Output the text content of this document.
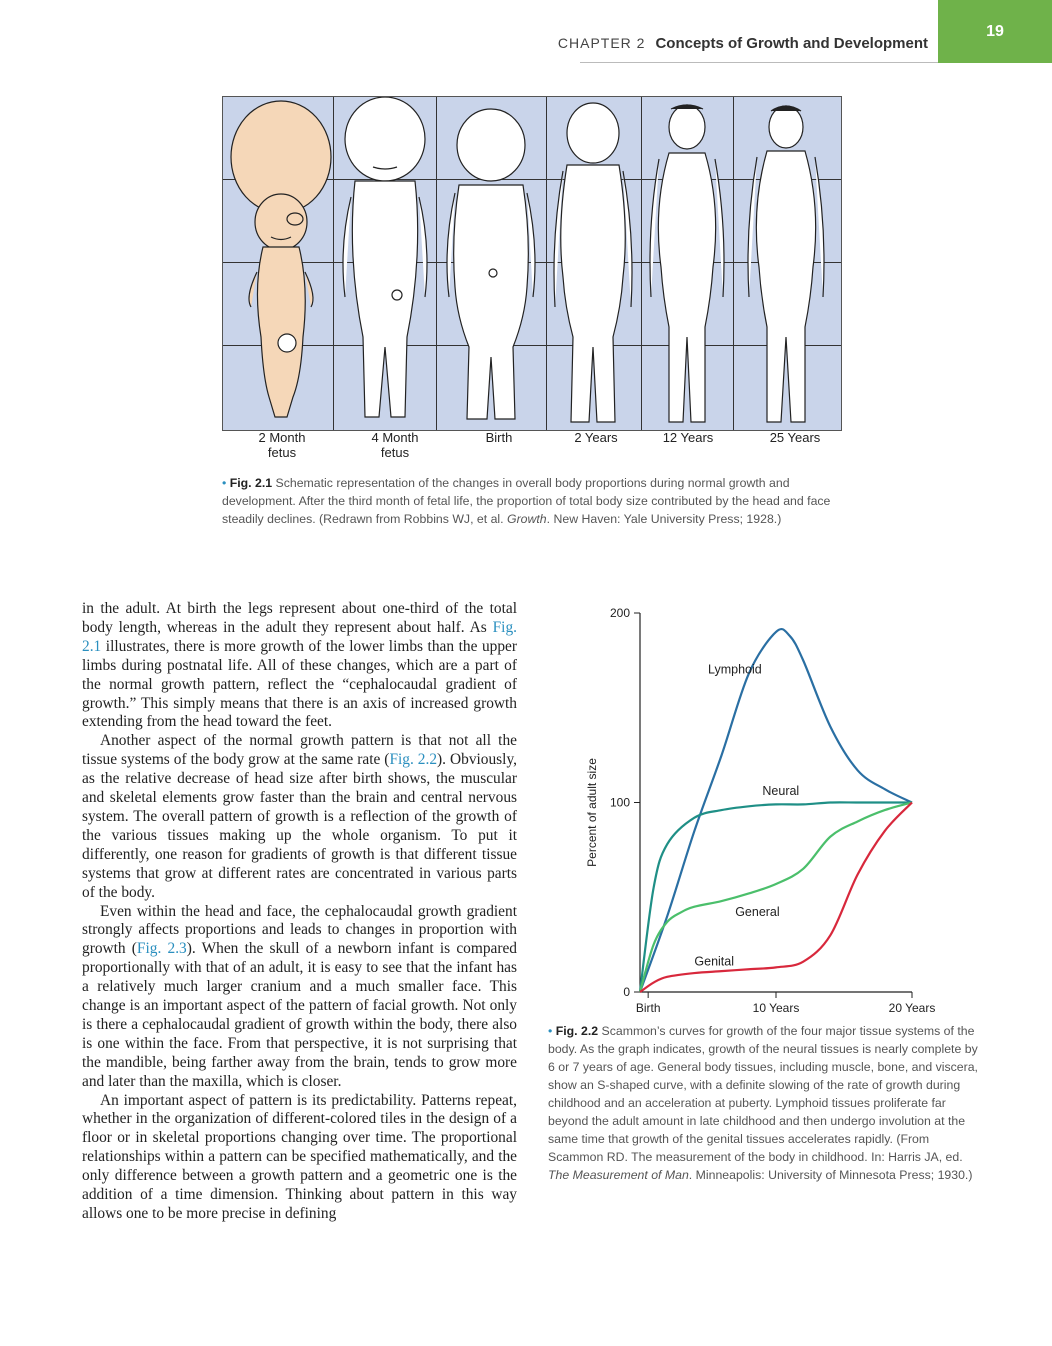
CHAPTER 2 Concepts of Growth and Development
19
2 Month
fetus
4 Month
fetus
Birth	2 Years	12 Years	25 Years
• Fig. 2.1 Schematic representation of the changes in overall body proportions during normal growth and development. After the third month of fetal life, the proportion of total body size contributed by the head and face steadily declines. (Redrawn from Robbins WJ, et al. Growth. New Haven: Yale University Press; 1928.)

in the adult. At birth the legs represent about one-third of the total body length, whereas in the adult they represent about half. As Fig. 2.1 illustrates, there is more growth of the lower limbs than the upper limbs during postnatal life. All of these changes, which are a part of the normal growth pattern, reflect the “cephalocaudal gradient of growth.” This simply means that there is an axis of increased growth extending from the head toward the feet.

Another aspect of the normal growth pattern is that not all the tissue systems of the body grow at the same rate (Fig. 2.2). Obviously, as the relative decrease of head size after birth shows, the muscular and skeletal elements grow faster than the brain and central nervous system. The overall pattern of growth is a reflection of the growth of the various tissues making up the whole organism. To put it differently, one reason for gradients of growth is that different tissue systems that grow at different rates are concentrated in various parts of the body.

Even within the head and face, the cephalocaudal growth gradient strongly affects proportions and leads to changes in proportion with growth (Fig. 2.3). When the skull of a newborn infant is compared proportionally with that of an adult, it is easy to see that the infant has a relatively much larger cranium and a much smaller face. This change is an important aspect of the pattern of facial growth. Not only is there a cephalocaudal gradient of growth within the body, there also is one within the face. From that perspective, it is not surprising that the mandible, being farther away from the brain, tends to grow more and later than the maxilla, which is closer.

An important aspect of pattern is its predictability. Patterns repeat, whether in the organization of different-colored tiles in the design of a floor or in skeletal proportions changing over time. The proportional relationships within a pattern can be specified mathematically, and the only difference between a growth pattern and a geometric one is the addition of a time dimension. Thinking about pattern in this way allows one to be more precise in defining

0
100
200
Birth	10 Years	20 Years
Percent of adult size
Lymphoid
Neural
General
Genital
• Fig. 2.2 Scammon’s curves for growth of the four major tissue systems of the body. As the graph indicates, growth of the neural tissues is nearly complete by 6 or 7 years of age. General body tissues, including muscle, bone, and viscera, show an S-shaped curve, with a definite slowing of the rate of growth during childhood and an acceleration at puberty. Lymphoid tissues proliferate far beyond the adult amount in late childhood and then undergo involution at the same time that growth of the genital tissues accelerates rapidly. (From Scammon RD. The measurement of the body in childhood. In: Harris JA, ed. The Measurement of Man. Minneapolis: University of Minnesota Press; 1930.)
